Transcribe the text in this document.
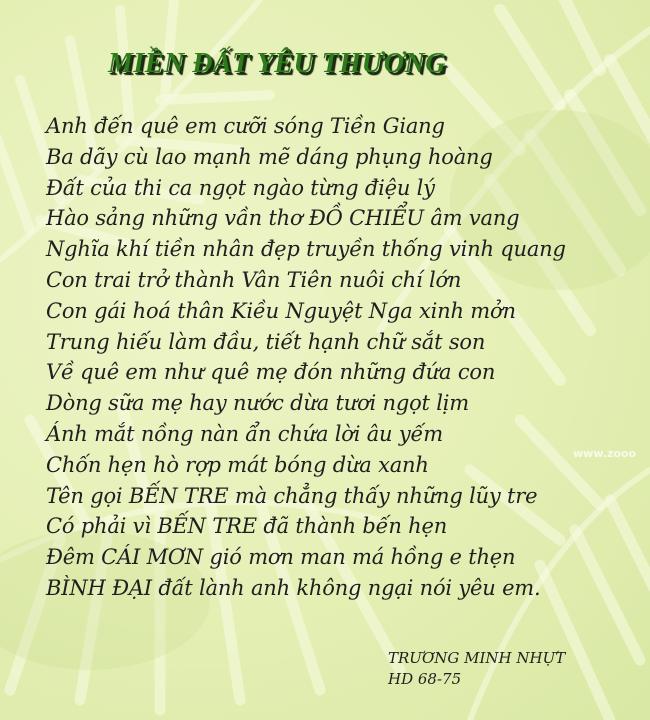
MIỀN ĐẤT YÊU THƯƠNG
Anh đến quê em cưỡi sóng Tiền Giang
Ba dãy cù lao mạnh mẽ dáng phụng hoàng
Đất của thi ca ngọt ngào từng điệu lý
Hào sảng những vần thơ ĐỒ CHIỂU âm vang
Nghĩa khí tiền nhân đẹp truyền thống vinh quang
Con trai trở thành Vân Tiên nuôi chí lớn
Con gái hoá thân Kiều Nguyệt Nga xinh mởn
Trung hiếu làm đầu, tiết hạnh chữ sắt son
Về quê em như quê mẹ đón những đứa con
Dòng sữa mẹ hay nước dừa tươi ngọt lịm
Ánh mắt nồng nàn ẩn chứa lời âu yếm
Chốn hẹn hò rợp mát bóng dừa xanh
Tên gọi BẾN TRE mà chẳng thấy những lũy tre
Có phải vì BẾN TRE đã thành bến hẹn
Đêm CÁI MƠN gió mơn man má hồng e thẹn
BÌNH ĐẠI đất lành anh không ngại nói yêu em.
www.zooo
TRƯƠNG MINH NHỰT
HD 68-75
